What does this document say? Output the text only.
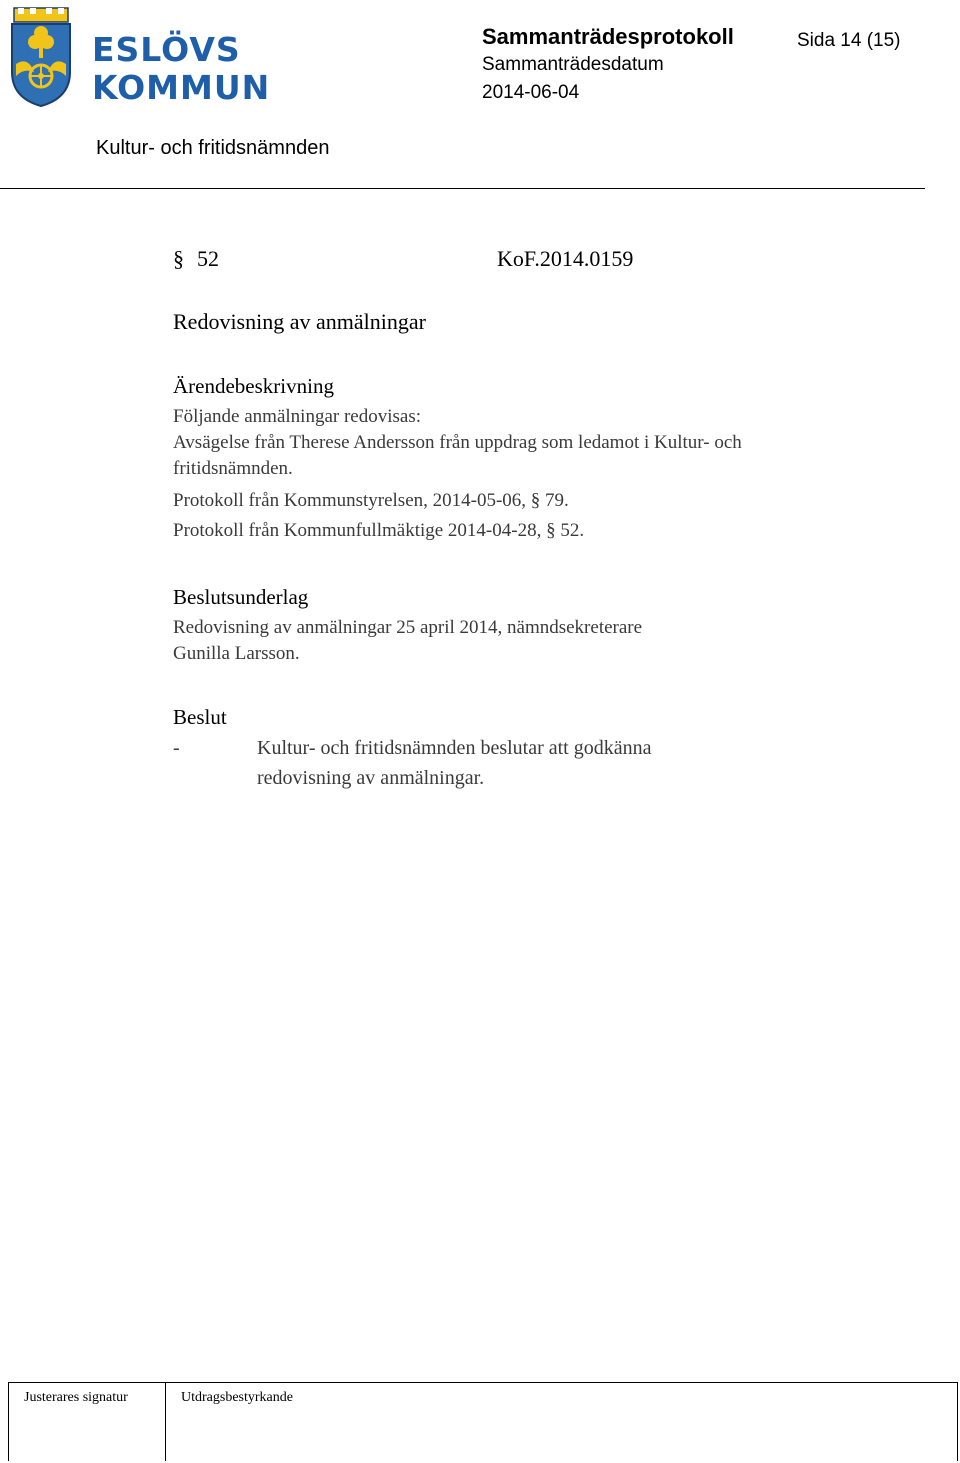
ESLÖVS
KOMMUN
Sammanträdesprotokoll	Sida 14 (15)
Sammanträdesdatum
2014-06-04
Kultur- och fritidsnämnden
§ 52	KoF.2014.0159
Redovisning av anmälningar
Ärendebeskrivning
Följande anmälningar redovisas:
Avsägelse från Therese Andersson från uppdrag som ledamot i Kultur- och
fritidsnämnden.
Protokoll från Kommunstyrelsen, 2014-05-06, § 79.
Protokoll från Kommunfullmäktige 2014-04-28, § 52.
Beslutsunderlag
Redovisning av anmälningar 25 april 2014, nämndsekreterare
Gunilla Larsson.
Beslut
-	Kultur- och fritidsnämnden beslutar att godkänna
redovisning av anmälningar.
Justerares signatur	Utdragsbestyrkande
